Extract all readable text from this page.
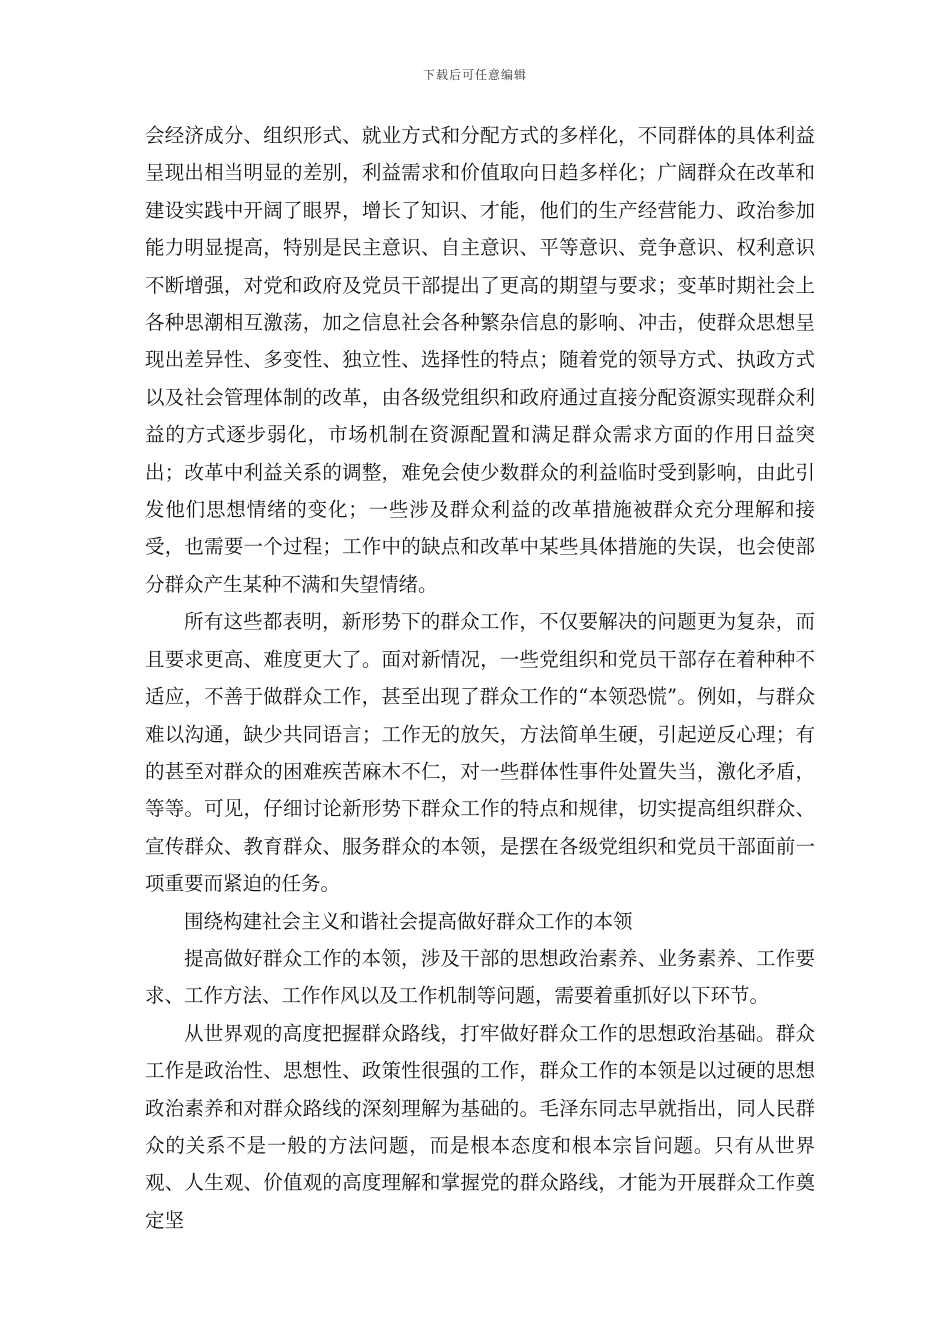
下载后可任意编辑

会经济成分、组织形式、就业方式和分配方式的多样化，不同群体的具体利益呈现出相当明显的差别，利益需求和价值取向日趋多样化；广阔群众在改革和建设实践中开阔了眼界，增长了知识、才能，他们的生产经营能力、政治参加能力明显提高，特别是民主意识、自主意识、平等意识、竞争意识、权利意识不断增强，对党和政府及党员干部提出了更高的期望与要求；变革时期社会上各种思潮相互激荡，加之信息社会各种繁杂信息的影响、冲击，使群众思想呈现出差异性、多变性、独立性、选择性的特点；随着党的领导方式、执政方式以及社会管理体制的改革，由各级党组织和政府通过直接分配资源实现群众利益的方式逐步弱化，市场机制在资源配置和满足群众需求方面的作用日益突出；改革中利益关系的调整，难免会使少数群众的利益临时受到影响，由此引发他们思想情绪的变化；一些涉及群众利益的改革措施被群众充分理解和接受，也需要一个过程；工作中的缺点和改革中某些具体措施的失误，也会使部分群众产生某种不满和失望情绪。

所有这些都表明，新形势下的群众工作，不仅要解决的问题更为复杂，而且要求更高、难度更大了。面对新情况，一些党组织和党员干部存在着种种不适应，不善于做群众工作，甚至出现了群众工作的“本领恐慌”。例如，与群众难以沟通，缺少共同语言；工作无的放矢，方法简单生硬，引起逆反心理；有的甚至对群众的困难疾苦麻木不仁，对一些群体性事件处置失当，激化矛盾，等等。可见，仔细讨论新形势下群众工作的特点和规律，切实提高组织群众、宣传群众、教育群众、服务群众的本领，是摆在各级党组织和党员干部面前一项重要而紧迫的任务。

围绕构建社会主义和谐社会提高做好群众工作的本领

提高做好群众工作的本领，涉及干部的思想政治素养、业务素养、工作要求、工作方法、工作作风以及工作机制等问题，需要着重抓好以下环节。

从世界观的高度把握群众路线，打牢做好群众工作的思想政治基础。群众工作是政治性、思想性、政策性很强的工作，群众工作的本领是以过硬的思想政治素养和对群众路线的深刻理解为基础的。毛泽东同志早就指出，同人民群众的关系不是一般的方法问题，而是根本态度和根本宗旨问题。只有从世界观、人生观、价值观的高度理解和掌握党的群众路线，才能为开展群众工作奠定坚
